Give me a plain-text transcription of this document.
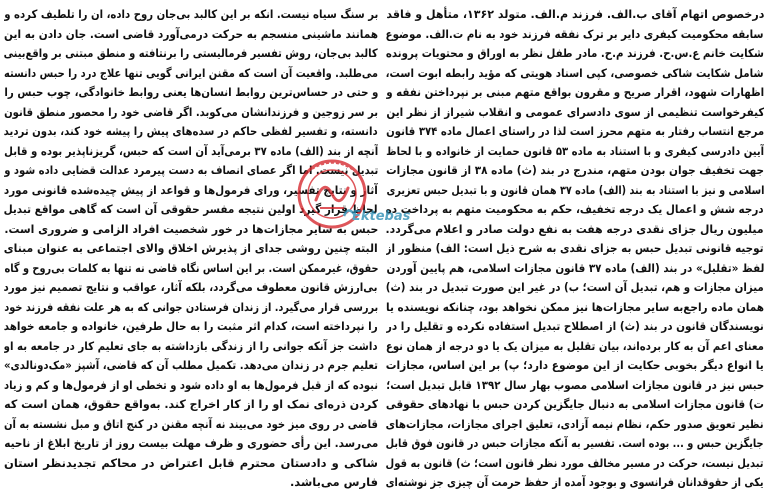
درخصوص اتهام آقای ب.الف. فرزند م.الف. متولد ۱۳۶۲، متأهل و فاقد
سابقه محکومیت کیفری دایر بر ترک نفقه فرزند خود به نام ت.الف. موضوع
شکایت خانم ع.س.ح. فرزند م.ح. مادر طفل نظر به اوراق و محتویات پرونده
شامل شکایت شاکی خصوصی، کپی اسناد هویتی که مؤید رابطه ابوت است،
اظهارات شهود، اقرار صریح و مقرون بواقع متهم مبنی بر نپرداختن نفقه و
کیفرخواست تنظیمی از سوی دادسرای عمومی و انقلاب شیراز از نظر این
مرجع انتساب رفتار به متهم محرز است لذا در راستای اعمال ماده ۳۷۴ قانون
آیین دادرسی کیفری و با استناد به ماده ۵۳ قانون حمایت از خانواده و با لحاظ
جهت تخفیف جوان بودن متهم، مندرج در بند (ث) ماده ۳۸ از قانون مجازات
اسلامی و نیز با استناد به بند (الف) ماده ۳۷ همان قانون و با تبدیل حبس تعزیری
درجه شش و اعمال یک درجه تخفیف، حکم به محکومیت متهم به پرداخت ده
میلیون ریال جزای نقدی درجه هفت به نفع دولت صادر و اعلام می‌گردد.
توجیه قانونی تبدیل حبس به جزای نقدی به شرح ذیل است: الف) منظور از
لفظ «تقلیل» در بند (الف) ماده ۳۷ قانون مجازات اسلامی، هم پایین آوردن
میزان مجازات و هم، تبدیل آن است؛ ب) در غیر این صورت تبدیل در بند (ث)
همان ماده راجع‌به سایر مجازات‌ها نیز ممکن نخواهد بود، چنانکه نویسنده یا
نویسندگان قانون در بند (ث) از اصطلاح تبدیل استفاده نکرده و تقلیل را در
معنای اعم آن به کار برده‌اند، بیان تقلیل به میزان یک یا دو درجه از همان نوع
یا انواع دیگر بخوبی حکایت از این موضوع دارد؛ پ) بر این اساس، مجازات
حبس نیز در قانون مجازات اسلامی مصوب بهار سال ۱۳۹۲ قابل تبدیل است؛
ت) قانون مجازات اسلامی به دنبال جایگزین کردن حبس با نهادهای حقوقی
نظیر تعویق صدور حکم، نظام نیمه آزادی، تعلیق اجرای مجازات، مجازات‌های
جایگزین حبس و ... بوده است. تفسیر به آنکه مجازات حبس در قانون فوق قابل
تبدیل نیست، حرکت در مسیر مخالف مورد نظر قانون است؛ ث) قانون به قول
یکی از حقوقدانان فرانسوی و بوجود آمده از حفظ حرمت آن چیزی جز نوشته‌ای
بر سنگ سیاه نیست. انکه بر این کالبد بی‌جان روح داده، ان را تلطیف کرده و
همانند ماشینی منسجم به حرکت درمی‌آورد قاضی است. جان دادن به این
کالبد بی‌جان، روش تفسیر فرمالیستی را برنتافته و منطق مبتنی بر واقع‌بینی
می‌طلبد. واقعیت آن است که مقنن ایرانی گویی تنها علاج درد را حبس دانسته
و حتی در حساس‌ترین روابط انسان‌ها یعنی روابط خانوادگی، چوب حبس را
بر سر زوجین و فرزندانشان می‌کوبد. اگر قاضی خود را محصور منطق قانون
دانسته، و تفسیر لفظی حاکم در سده‌های پیش را پیشه خود کند، بدون تردید
آنچه از بند (الف) ماده ۳۷ برمی‌آید آن است که حبس، گریزناپذیر بوده و قابل
تبدیل نیست. اما اگر عصای انصاف به دست پیرمرد عدالت قضایی داده شود و
آثار و نتایج تفسیر، ورای فرمول‌ها و قواعد از پیش چیده‌شده قانونی مورد
لحاظ قرار گیرد اولین نتیجه مفسر حقوقی آن است که گاهی مواقع تبدیل
حبس به سایر مجازات‌ها در خور شخصیت افراد الزامی و ضروری است.
البته چنین روشی جدای از پذیرش اخلاق والای اجتماعی به عنوان مبنای
حقوق، غیرممکن است. بر این اساس نگاه قاضی نه تنها به کلمات بی‌روح و گاه
بی‌ارزش قانون معطوف می‌گردد، بلکه آثار، عواقب و نتایج تصمیم نیز مورد
بررسی قرار می‌گیرد. از زندان فرستادن جوانی که به هر علت نفقه فرزند خود
را نپرداخته است، کدام اثر مثبت را به حال طرفین، خانواده و جامعه خواهد
داشت جز آنکه جوانی را از زندگی بازداشته به جای تعلیم کار در جامعه به او
تعلیم جرم در زندان می‌دهد. تکمیل مطلب آن که قاضی، آشپز «مک‌دونالدی»
نبوده که از قبل فرمول‌ها به او داده شود و تخطی او از فرمول‌ها و کم و زیاد
کردن ذره‌ای نمک او را از کار اخراج کند. به‌واقع حقوق، همان است که
قاضی در روی میز خود می‌بیند نه آنچه مقنن در کنج اتاق و مبل نشسته به آن
می‌رسد. این رأی حضوری و ظرف مهلت بیست روز از تاریخ ابلاغ از ناحیه
شاکی و دادستان محترم قابل اعتراض در محاکم تجدیدنظر استان
فارس می‌باشد.
Ektebas
